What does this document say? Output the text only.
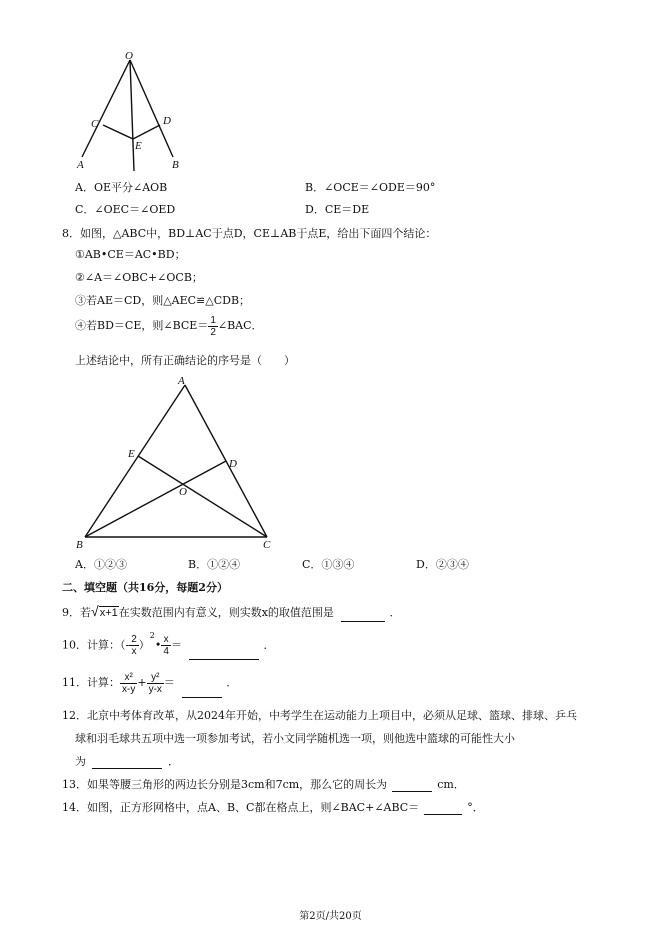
O
C	D
E
A	B
A．OE平分∠AOB	B．∠OCE＝∠ODE＝90°
C．∠OEC＝∠OED	D．CE＝DE
8．如图，△ABC中，BD⊥AC于点D，CE⊥AB于点E，给出下面四个结论：
①AB•CE＝AC•BD；
②∠A＝∠OBC+∠OCB；
③若AE＝CD，则△AEC≌△CDB；
④若BD＝CE，则∠BCE＝ $\frac{1}{2}$ ∠BAC．
上述结论中，所有正确结论的序号是（　　）
A
E
D
O
B	C
A．①②③	B．①②④	C．①③④	D．②③④
二、填空题（共16分，每题2分）
9．若√x+1在实数范围内有意义，则实数x的取值范围是	．
10．计算：（- $\frac{2}{x}$ ）$^2$• $\frac{x}{4}$ ＝	．
11．计算： $\frac{\text{x²}}{x-y} + \frac{\text{y²}}{y-x}$ ＝	．
12．北京中考体育改革，从2024年开始，中考学生在运动能力上项目中，必须从足球、篮球、排球、乒乓
球和羽毛球共五项中选一项参加考试，若小文同学随机选一项，则他选中篮球的可能性大小
为	．
13．如果等腰三角形的两边长分别是3cm和7cm，那么它的周长为	cm．
14．如图，正方形网格中，点A、B、C都在格点上，则∠BAC+∠ABC＝	°．
第2页/共20页
